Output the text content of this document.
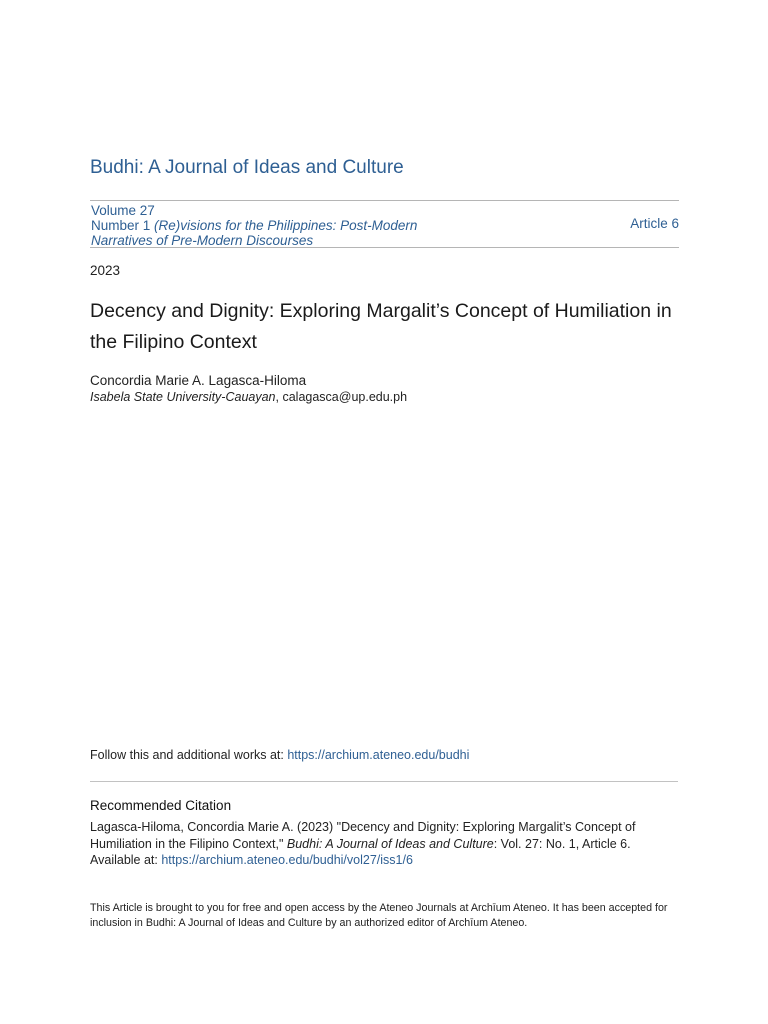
Budhi: A Journal of Ideas and Culture
Volume 27
Number 1 (Re)visions for the Philippines: Post-Modern Narratives of Pre-Modern Discourses
Article 6
2023
Decency and Dignity: Exploring Margalit’s Concept of Humiliation in the Filipino Context
Concordia Marie A. Lagasca-Hiloma
Isabela State University-Cauayan, calagasca@up.edu.ph
Follow this and additional works at: https://archium.ateneo.edu/budhi
Recommended Citation
Lagasca-Hiloma, Concordia Marie A. (2023) "Decency and Dignity: Exploring Margalit’s Concept of Humiliation in the Filipino Context," Budhi: A Journal of Ideas and Culture: Vol. 27: No. 1, Article 6.
Available at: https://archium.ateneo.edu/budhi/vol27/iss1/6
This Article is brought to you for free and open access by the Ateneo Journals at Archīum Ateneo. It has been accepted for inclusion in Budhi: A Journal of Ideas and Culture by an authorized editor of Archīum Ateneo.
